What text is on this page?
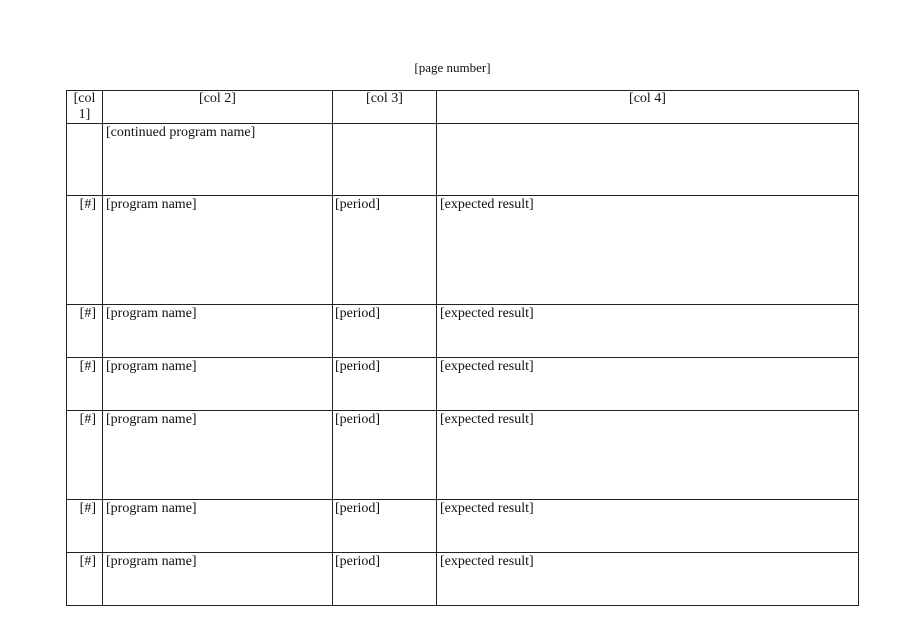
[page number]
[col 1]	[col 2]	[col 3]	[col 4]
	[continued program name]		
[#]	[program name]	[period]	[expected result]
[#]	[program name]	[period]	[expected result]
[#]	[program name]	[period]	[expected result]
[#]	[program name]	[period]	[expected result]
[#]	[program name]	[period]	[expected result]
[#]	[program name]	[period]	[expected result]
